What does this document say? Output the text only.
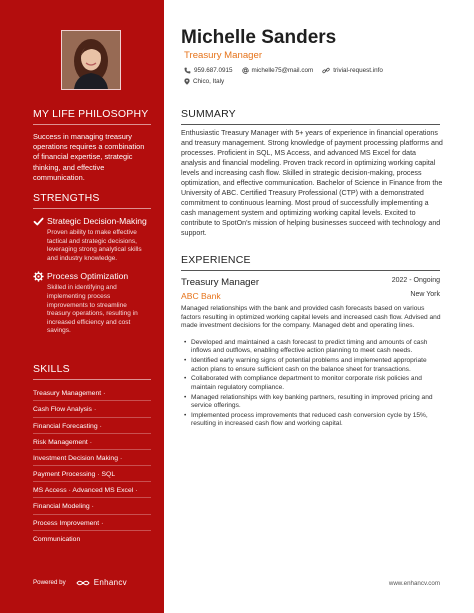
MY LIFE PHILOSOPHY
Success in managing treasury operations requires a combination of financial expertise, strategic thinking, and effective communication.
STRENGTHS
Strategic Decision-Making
Proven ability to make effective tactical and strategic decisions, leveraging strong analytical skills and industry knowledge.
Process Optimization
Skilled in identifying and implementing process improvements to streamline treasury operations, resulting in increased efficiency and cost savings.
SKILLS
Treasury Management ·
Cash Flow Analysis ·
Financial Forecasting ·
Risk Management ·
Investment Decision Making ·
Payment Processing · SQL
MS Access · Advanced MS Excel ·
Financial Modeling ·
Process Improvement ·
Communication
Powered by	Enhancv
Michelle Sanders
Treasury Manager
959.687.0915	michelle75@mail.com	trivial-request.info
Chico, Italy
SUMMARY
Enthusiastic Treasury Manager with 5+ years of experience in financial operations and treasury management. Strong knowledge of payment processing platforms and processes. Proficient in SQL, MS Access, and advanced MS Excel for data analysis and financial modeling. Proven track record in optimizing working capital levels and increasing cash flow. Skilled in strategic decision-making, process optimization, and effective communication. Bachelor of Science in Finance from the University of ABC. Certified Treasury Professional (CTP) with a demonstrated commitment to continuous learning. Most proud of successfully implementing a cash management system and optimizing working capital levels. Excited to contribute to SpotOn's mission of helping businesses succeed with technology and support.
EXPERIENCE
Treasury Manager	2022 - Ongoing
ABC Bank	New York
Managed relationships with the bank and provided cash forecasts based on various factors resulting in optimized working capital levels and increased cash flow. Advised and made investment decisions for the company. Managed debt and operating lines.
• Developed and maintained a cash forecast to predict timing and amounts of cash inflows and outflows, enabling effective action planning to meet cash needs.
• Identified early warning signs of potential problems and implemented appropriate action plans to ensure sufficient cash on the balance sheet for transactions.
• Collaborated with compliance department to monitor corporate risk policies and maintain regulatory compliance.
• Managed relationships with key banking partners, resulting in improved pricing and service offerings.
• Implemented process improvements that reduced cash conversion cycle by 15%, resulting in increased cash flow and working capital.
www.enhancv.com
